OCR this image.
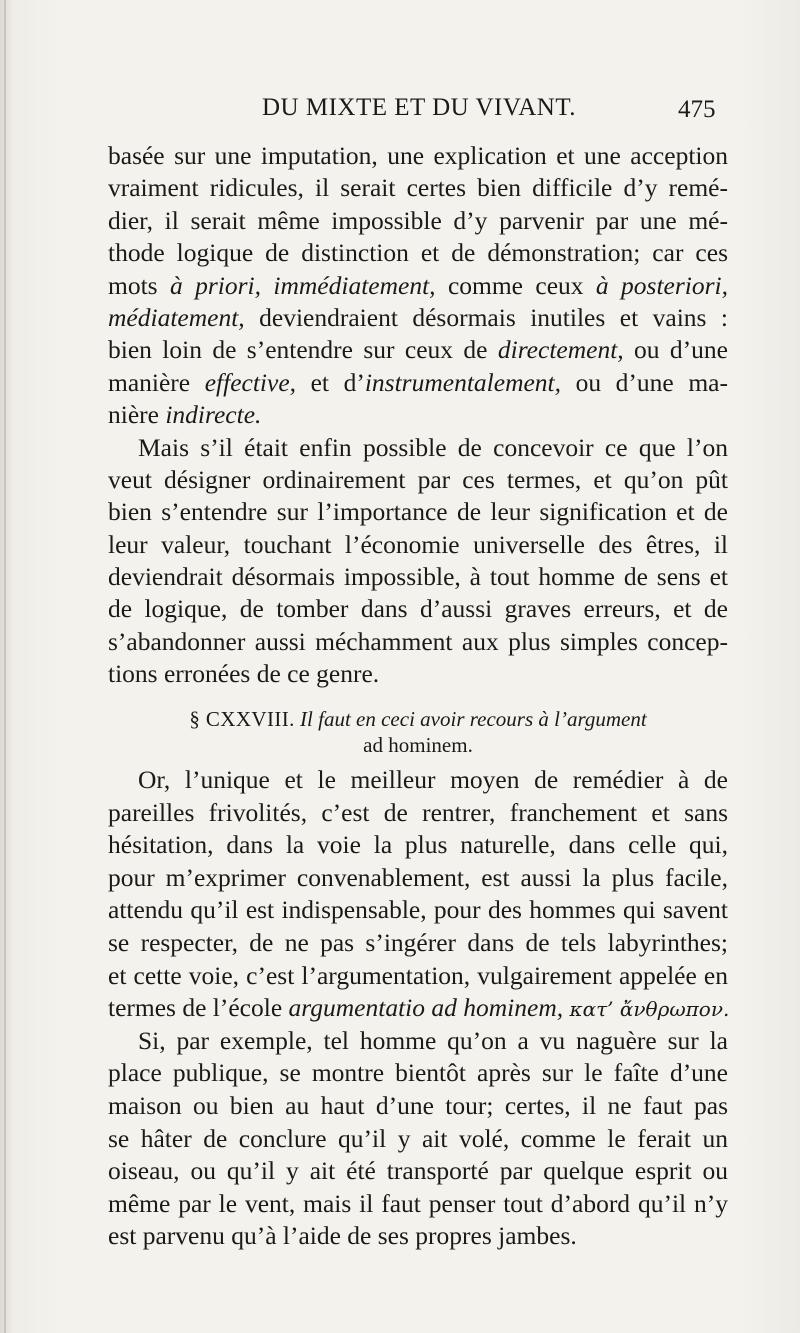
DU MIXTE ET DU VIVANT.	475
basée sur une imputation, une explication et une acception
vraiment ridicules, il serait certes bien difficile d’y remé-
dier, il serait même impossible d’y parvenir par une mé-
thode logique de distinction et de démonstration; car ces
mots à priori, immédiatement, comme ceux à posteriori,
médiatement, deviendraient désormais inutiles et vains :
bien loin de s’entendre sur ceux de directement, ou d’une
manière effective, et d’instrumentalement, ou d’une ma-
nière indirecte.
Mais s’il était enfin possible de concevoir ce que l’on
veut désigner ordinairement par ces termes, et qu’on pût
bien s’entendre sur l’importance de leur signification et de
leur valeur, touchant l’économie universelle des êtres, il
deviendrait désormais impossible, à tout homme de sens et
de logique, de tomber dans d’aussi graves erreurs, et de
s’abandonner aussi méchamment aux plus simples concep-
tions erronées de ce genre.
§ CXXVIII. Il faut en ceci avoir recours à l’argument
ad hominem.
Or, l’unique et le meilleur moyen de remédier à de
pareilles frivolités, c’est de rentrer, franchement et sans
hésitation, dans la voie la plus naturelle, dans celle qui,
pour m’exprimer convenablement, est aussi la plus facile,
attendu qu’il est indispensable, pour des hommes qui savent
se respecter, de ne pas s’ingérer dans de tels labyrinthes;
et cette voie, c’est l’argumentation, vulgairement appelée en
termes de l’école argumentatio ad hominem, κατ’ ἄνθρωπον.
Si, par exemple, tel homme qu’on a vu naguère sur la
place publique, se montre bientôt après sur le faîte d’une
maison ou bien au haut d’une tour; certes, il ne faut pas
se hâter de conclure qu’il y ait volé, comme le ferait un
oiseau, ou qu’il y ait été transporté par quelque esprit ou
même par le vent, mais il faut penser tout d’abord qu’il n’y
est parvenu qu’à l’aide de ses propres jambes.
